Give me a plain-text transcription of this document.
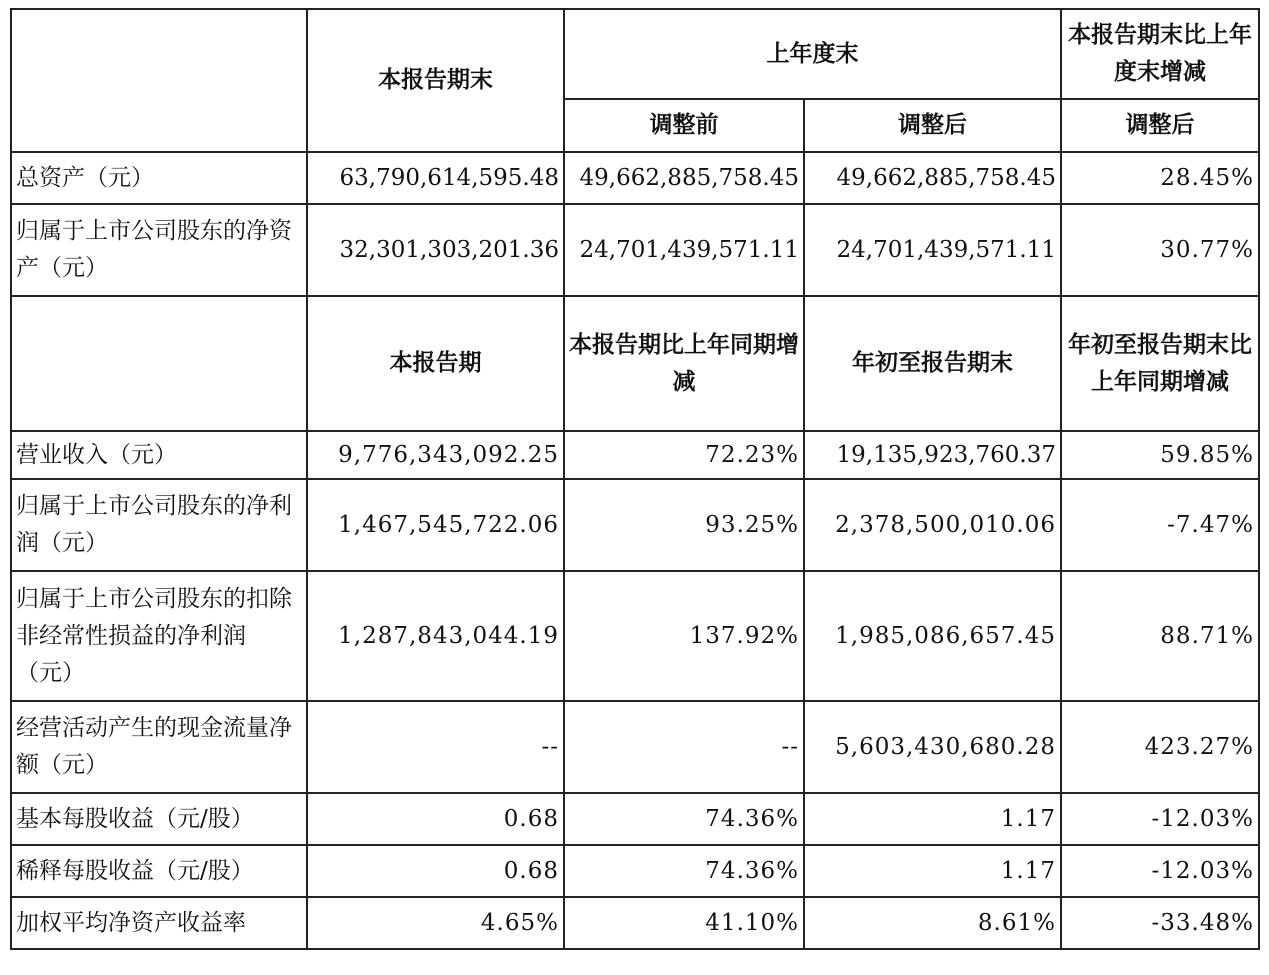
	本报告期末	上年度末		本报告期末比上年度末增减
		调整前	调整后	调整后
总资产（元）	63,790,614,595.48	49,662,885,758.45	49,662,885,758.45	28.45%
归属于上市公司股东的净资产（元）	32,301,303,201.36	24,701,439,571.11	24,701,439,571.11	30.77%
	本报告期	本报告期比上年同期增减	年初至报告期末	年初至报告期末比上年同期增减
营业收入（元）	9,776,343,092.25	72.23%	19,135,923,760.37	59.85%
归属于上市公司股东的净利润（元）	1,467,545,722.06	93.25%	2,378,500,010.06	-7.47%
归属于上市公司股东的扣除非经常性损益的净利润（元）	1,287,843,044.19	137.92%	1,985,086,657.45	88.71%
经营活动产生的现金流量净额（元）	--	--	5,603,430,680.28	423.27%
基本每股收益（元/股）	0.68	74.36%	1.17	-12.03%
稀释每股收益（元/股）	0.68	74.36%	1.17	-12.03%
加权平均净资产收益率	4.65%	41.10%	8.61%	-33.48%
